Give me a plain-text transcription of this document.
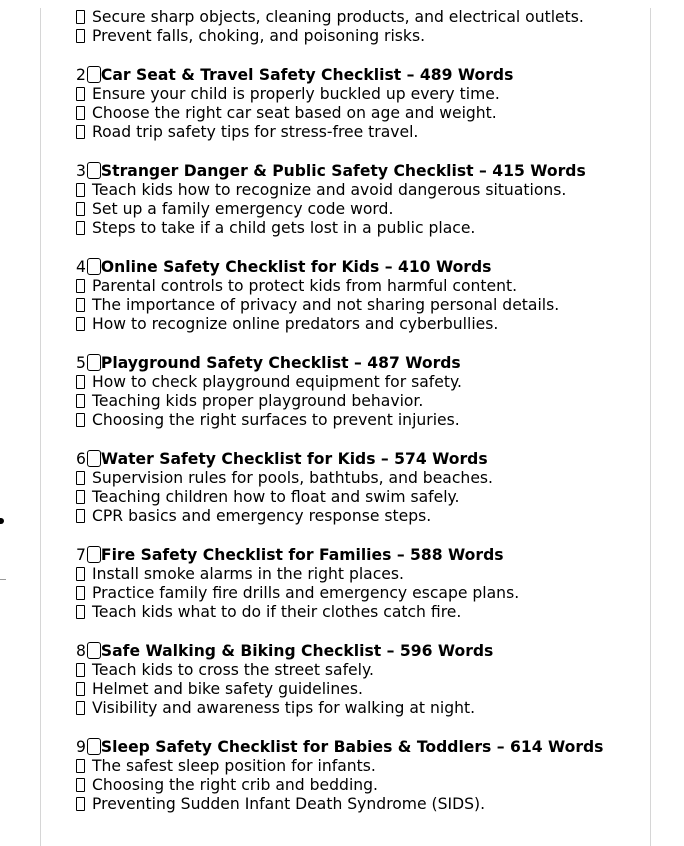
Secure sharp objects, cleaning products, and electrical outlets.
Prevent falls, choking, and poisoning risks.
2 Car Seat & Travel Safety Checklist – 489 Words
Ensure your child is properly buckled up every time.
Choose the right car seat based on age and weight.
Road trip safety tips for stress-free travel.
3 Stranger Danger & Public Safety Checklist – 415 Words
Teach kids how to recognize and avoid dangerous situations.
Set up a family emergency code word.
Steps to take if a child gets lost in a public place.
4 Online Safety Checklist for Kids – 410 Words
Parental controls to protect kids from harmful content.
The importance of privacy and not sharing personal details.
How to recognize online predators and cyberbullies.
5 Playground Safety Checklist – 487 Words
How to check playground equipment for safety.
Teaching kids proper playground behavior.
Choosing the right surfaces to prevent injuries.
6 Water Safety Checklist for Kids – 574 Words
Supervision rules for pools, bathtubs, and beaches.
Teaching children how to float and swim safely.
CPR basics and emergency response steps.
7 Fire Safety Checklist for Families – 588 Words
Install smoke alarms in the right places.
Practice family fire drills and emergency escape plans.
Teach kids what to do if their clothes catch fire.
8 Safe Walking & Biking Checklist – 596 Words
Teach kids to cross the street safely.
Helmet and bike safety guidelines.
Visibility and awareness tips for walking at night.
9 Sleep Safety Checklist for Babies & Toddlers – 614 Words
The safest sleep position for infants.
Choosing the right crib and bedding.
Preventing Sudden Infant Death Syndrome (SIDS).
